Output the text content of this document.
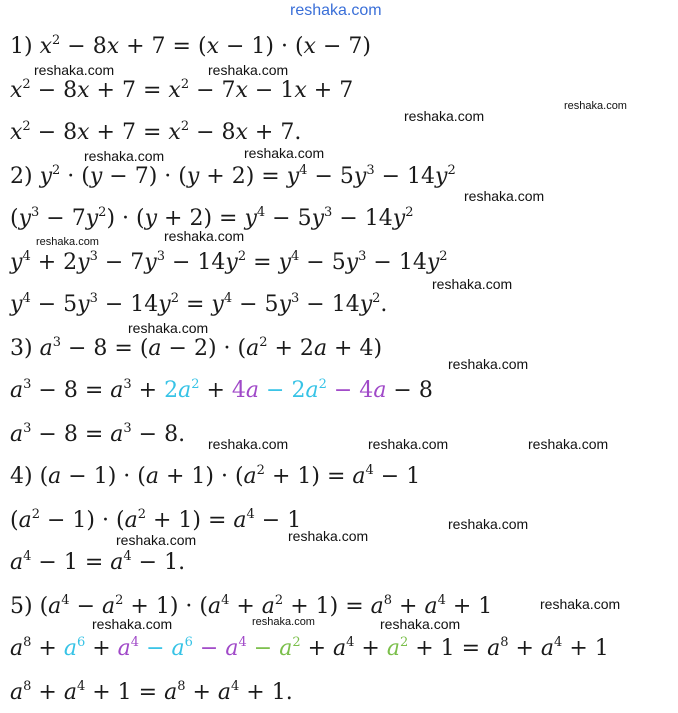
reshaka.com
reshaka.com	reshaka.com
reshaka.com
reshaka.com
reshaka.com	reshaka.com
reshaka.com
reshaka.com	reshaka.com
reshaka.com
reshaka.com
reshaka.com
reshaka.com	reshaka.com	reshaka.com
reshaka.com
reshaka.com	reshaka.com
reshaka.com
reshaka.com	reshaka.com	reshaka.com
1) $x^2 - 8x + 7 = (x - 1) \cdot (x - 7)$
$x^2 - 8x + 7 = x^2 - 7x - 1x + 7$
$x^2 - 8x + 7 = x^2 - 8x + 7$.
2) $y^2 \cdot (y - 7) \cdot (y + 2) = y^4 - 5y^3 - 14y^2$
$(y^3 - 7y^2) \cdot (y + 2) = y^4 - 5y^3 - 14y^2$
$y^4 + 2y^3 - 7y^3 - 14y^2 = y^4 - 5y^3 - 14y^2$
$y^4 - 5y^3 - 14y^2 = y^4 - 5y^3 - 14y^2$.
3) $a^3 - 8 = (a - 2) \cdot (a^2 + 2a + 4)$
$a^3 - 8 = a^3 + 2a^2 + 4a - 2a^2 - 4a - 8$
$a^3 - 8 = a^3 - 8$.
4) $(a - 1) \cdot (a + 1) \cdot (a^2 + 1) = a^4 - 1$
$(a^2 - 1) \cdot (a^2 + 1) = a^4 - 1$
$a^4 - 1 = a^4 - 1$.
5) $(a^4 - a^2 + 1) \cdot (a^4 + a^2 + 1) = a^8 + a^4 + 1$
$a^8 + a^6 + a^4 - a^6 - a^4 - a^2 + a^4 + a^2 + 1 = a^8 + a^4 + 1$
$a^8 + a^4 + 1 = a^8 + a^4 + 1$.
